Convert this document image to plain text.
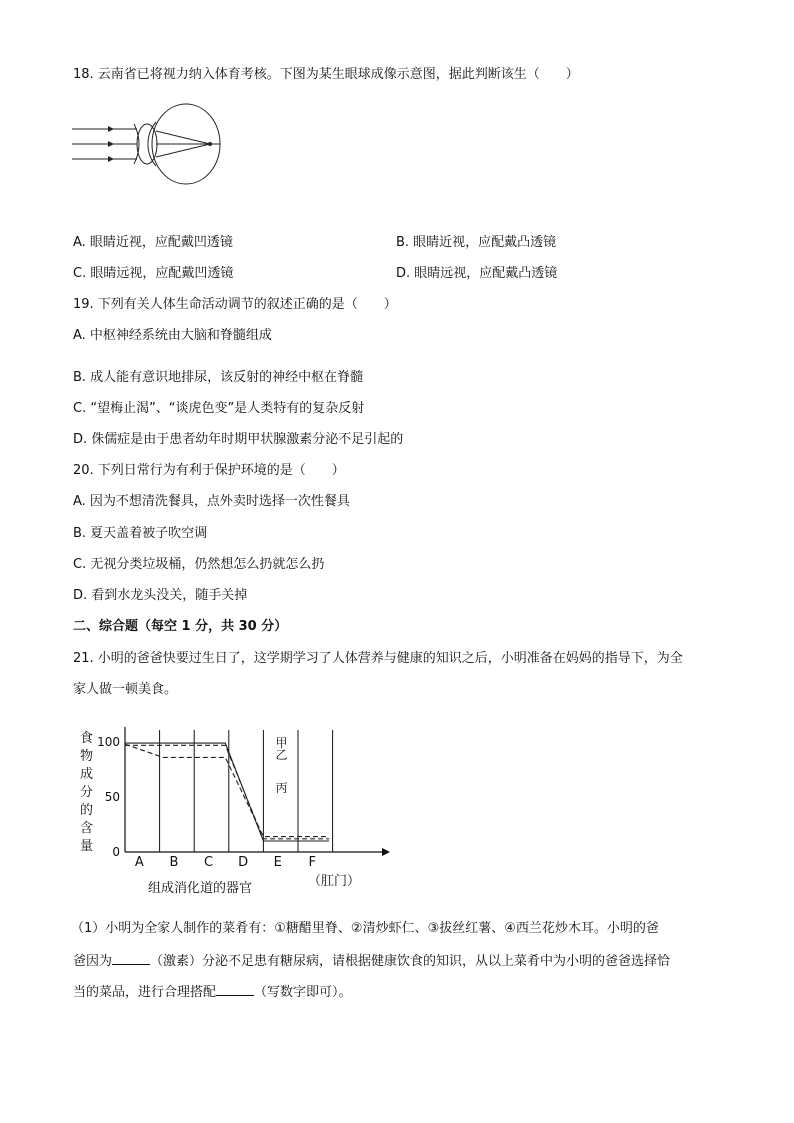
18. 云南省已将视力纳入体育考核。下图为某生眼球成像示意图，据此判断该生（　　）
A. 眼睛近视，应配戴凹透镜	B. 眼睛近视，应配戴凸透镜
C. 眼睛远视，应配戴凹透镜	D. 眼睛远视，应配戴凸透镜
19. 下列有关人体生命活动调节的叙述正确的是（　　）
A. 中枢神经系统由大脑和脊髓组成
B. 成人能有意识地排尿，该反射的神经中枢在脊髓
C. “望梅止渴”、“谈虎色变”是人类特有的复杂反射
D. 侏儒症是由于患者幼年时期甲状腺激素分泌不足引起的
20. 下列日常行为有利于保护环境的是（　　）
A. 因为不想清洗餐具，点外卖时选择一次性餐具
B. 夏天盖着被子吹空调
C. 无视分类垃圾桶，仍然想怎么扔就怎么扔
D. 看到水龙头没关，随手关掉
二、综合题（每空 1 分，共 30 分）
21. 小明的爸爸快要过生日了，这学期学习了人体营养与健康的知识之后，小明准备在妈妈的指导下，为全
家人做一顿美食。
食
物
成
分
的
含
量 0
50
100
A B C D E F
甲
乙
丙
组成消化道的器官	（肛门）
（1）小明为全家人制作的菜肴有：①糖醋里脊、②清炒虾仁、③拔丝红薯、④西兰花炒木耳。小明的爸
爸因为	（激素）分泌不足患有糖尿病，请根据健康饮食的知识，从以上菜肴中为小明的爸爸选择恰
当的菜品，进行合理搭配	（写数字即可）。
